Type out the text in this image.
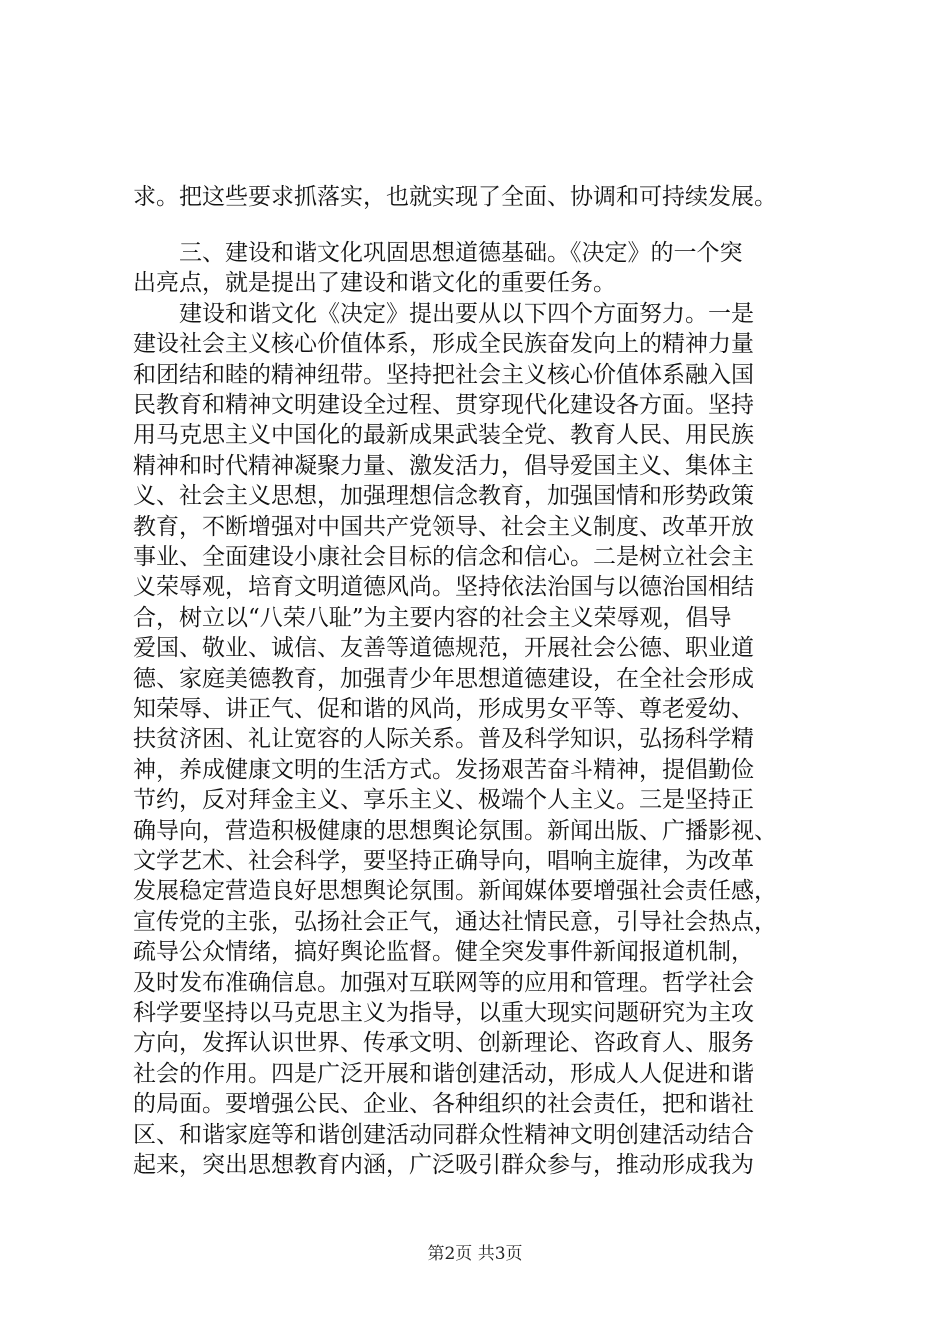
求。把这些要求抓落实，也就实现了全面、协调和可持续发展。
　　三、建设和谐文化巩固思想道德基础。《决定》的一个突
出亮点，就是提出了建设和谐文化的重要任务。
　　建设和谐文化《决定》提出要从以下四个方面努力。一是
建设社会主义核心价值体系，形成全民族奋发向上的精神力量
和团结和睦的精神纽带。坚持把社会主义核心价值体系融入国
民教育和精神文明建设全过程、贯穿现代化建设各方面。坚持
用马克思主义中国化的最新成果武装全党、教育人民、用民族
精神和时代精神凝聚力量、激发活力，倡导爱国主义、集体主
义、社会主义思想，加强理想信念教育，加强国情和形势政策
教育，不断增强对中国共产党领导、社会主义制度、改革开放
事业、全面建设小康社会目标的信念和信心。二是树立社会主
义荣辱观，培育文明道德风尚。坚持依法治国与以德治国相结
合，树立以“八荣八耻”为主要内容的社会主义荣辱观，倡导
爱国、敬业、诚信、友善等道德规范，开展社会公德、职业道
德、家庭美德教育，加强青少年思想道德建设，在全社会形成
知荣辱、讲正气、促和谐的风尚，形成男女平等、尊老爱幼、
扶贫济困、礼让宽容的人际关系。普及科学知识，弘扬科学精
神，养成健康文明的生活方式。发扬艰苦奋斗精神，提倡勤俭
节约，反对拜金主义、享乐主义、极端个人主义。三是坚持正
确导向，营造积极健康的思想舆论氛围。新闻出版、广播影视、
文学艺术、社会科学，要坚持正确导向，唱响主旋律，为改革
发展稳定营造良好思想舆论氛围。新闻媒体要增强社会责任感，
宣传党的主张，弘扬社会正气，通达社情民意，引导社会热点，
疏导公众情绪，搞好舆论监督。健全突发事件新闻报道机制，
及时发布准确信息。加强对互联网等的应用和管理。哲学社会
科学要坚持以马克思主义为指导，以重大现实问题研究为主攻
方向，发挥认识世界、传承文明、创新理论、咨政育人、服务
社会的作用。四是广泛开展和谐创建活动，形成人人促进和谐
的局面。要增强公民、企业、各种组织的社会责任，把和谐社
区、和谐家庭等和谐创建活动同群众性精神文明创建活动结合
起来，突出思想教育内涵，广泛吸引群众参与，推动形成我为
第2页 共3页
